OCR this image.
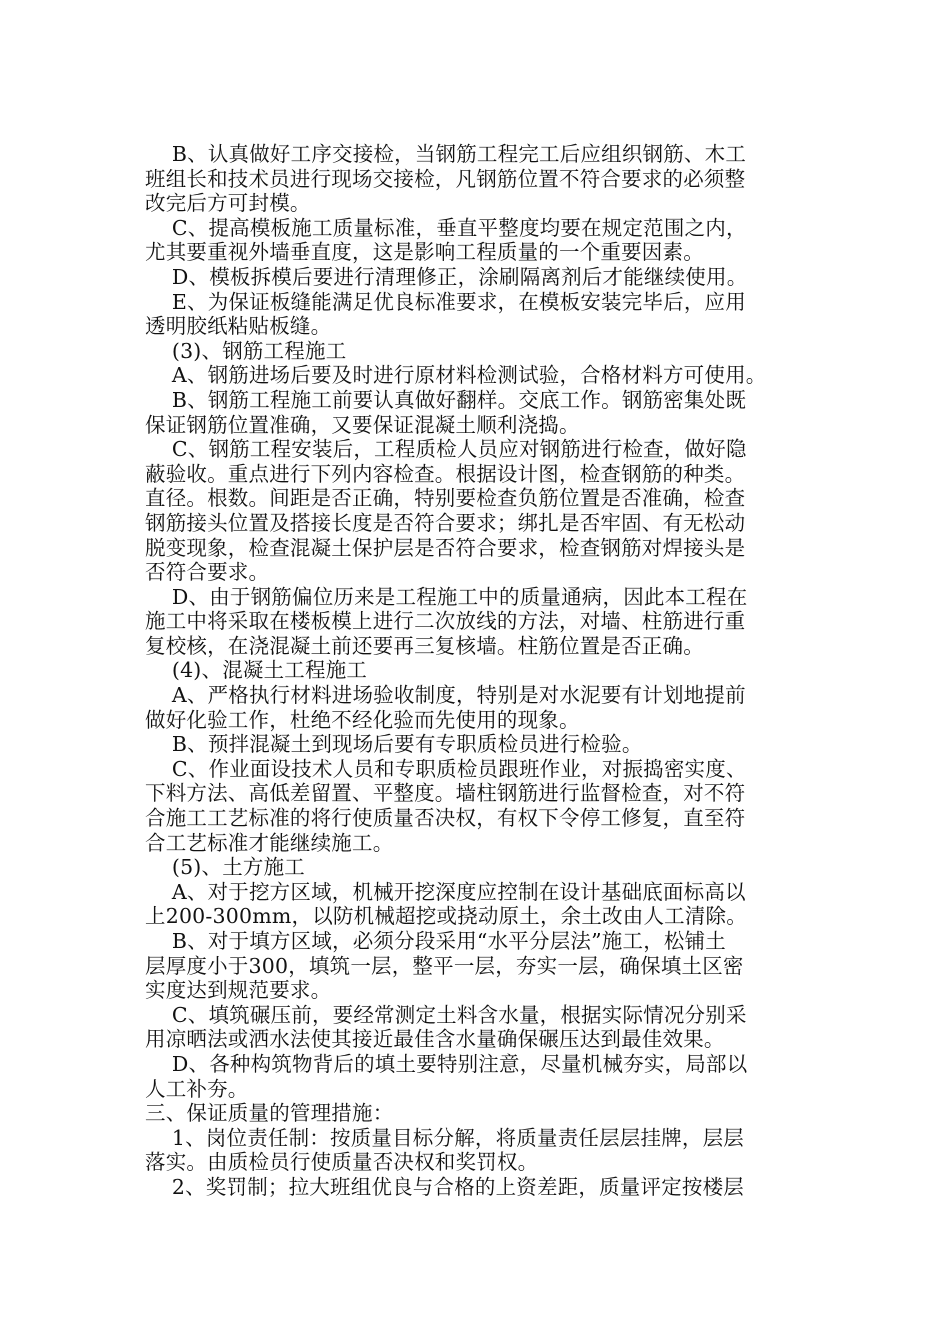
B、认真做好工序交接检，当钢筋工程完工后应组织钢筋、木工
班组长和技术员进行现场交接检，凡钢筋位置不符合要求的必须整
改完后方可封模。
C、提高模板施工质量标准，垂直平整度均要在规定范围之内，
尤其要重视外墙垂直度，这是影响工程质量的一个重要因素。
D、模板拆模后要进行清理修正，涂刷隔离剂后才能继续使用。
E、为保证板缝能满足优良标准要求，在模板安装完毕后，应用
透明胶纸粘贴板缝。
(3)、钢筋工程施工
A、钢筋进场后要及时进行原材料检测试验，合格材料方可使用。
B、钢筋工程施工前要认真做好翻样。交底工作。钢筋密集处既
保证钢筋位置准确，又要保证混凝土顺利浇捣。
C、钢筋工程安装后，工程质检人员应对钢筋进行检查，做好隐
蔽验收。重点进行下列内容检查。根据设计图，检查钢筋的种类。
直径。根数。间距是否正确，特别要检查负筋位置是否准确，检查
钢筋接头位置及搭接长度是否符合要求；绑扎是否牢固、有无松动
脱变现象，检查混凝土保护层是否符合要求，检查钢筋对焊接头是
否符合要求。
D、由于钢筋偏位历来是工程施工中的质量通病，因此本工程在
施工中将采取在楼板模上进行二次放线的方法，对墙、柱筋进行重
复校核，在浇混凝土前还要再三复核墙。柱筋位置是否正确。
(4)、混凝土工程施工
A、严格执行材料进场验收制度，特别是对水泥要有计划地提前
做好化验工作，杜绝不经化验而先使用的现象。
B、预拌混凝土到现场后要有专职质检员进行检验。
C、作业面设技术人员和专职质检员跟班作业，对振捣密实度、
下料方法、高低差留置、平整度。墙柱钢筋进行监督检查，对不符
合施工工艺标准的将行使质量否决权，有权下令停工修复，直至符
合工艺标准才能继续施工。
(5)、土方施工
A、对于挖方区域，机械开挖深度应控制在设计基础底面标高以
上200-300mm，以防机械超挖或挠动原土，余土改由人工清除。
B、对于填方区域，必须分段采用“水平分层法”施工，松铺土
层厚度小于300，填筑一层，整平一层，夯实一层，确保填土区密
实度达到规范要求。
C、填筑碾压前，要经常测定土料含水量，根据实际情况分别采
用凉晒法或洒水法使其接近最佳含水量确保碾压达到最佳效果。
D、各种构筑物背后的填土要特别注意，尽量机械夯实，局部以
人工补夯。
三、保证质量的管理措施：
1、岗位责任制：按质量目标分解，将质量责任层层挂牌，层层
落实。由质检员行使质量否决权和奖罚权。
2、奖罚制；拉大班组优良与合格的上资差距，质量评定按楼层
